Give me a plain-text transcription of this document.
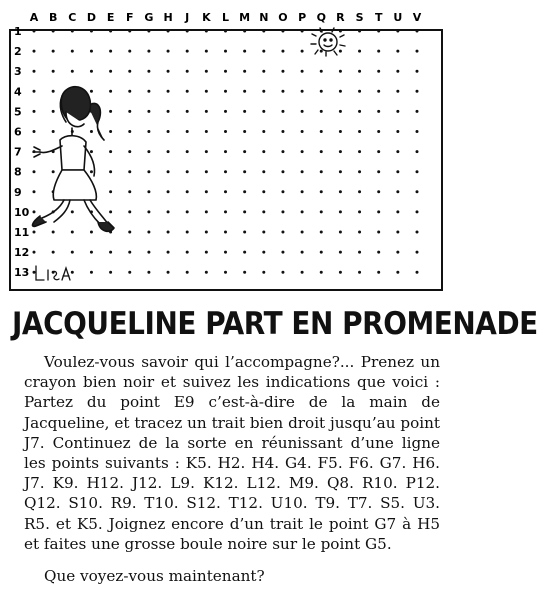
A B C D E F G H J K L M N O P Q R S T U V
1
2
3
4
5
6
7
8
9
10
11
12
13
JACQUELINE PART EN PROMENADE

Voulez-vous savoir qui l’accompagne?... Prenez un crayon bien noir et suivez les indications que voici : Partez du point E9 c’est-à-dire de la main de Jacqueline, et tracez un trait bien droit jusqu’au point J7. Continuez de la sorte en réunissant d’une ligne les points suivants : K5. H2. H4. G4. F5. F6. G7. H6. J7. K9. H12. J12. L9. K12. L12. M9. Q8. R10. P12. Q12. S10. R9. T10. S12. T12. U10. T9. T7. S5. U3. R5. et K5. Joignez encore d’un trait le point G7 à H5 et faites une grosse boule noire sur le point G5.

Que voyez-vous maintenant?
